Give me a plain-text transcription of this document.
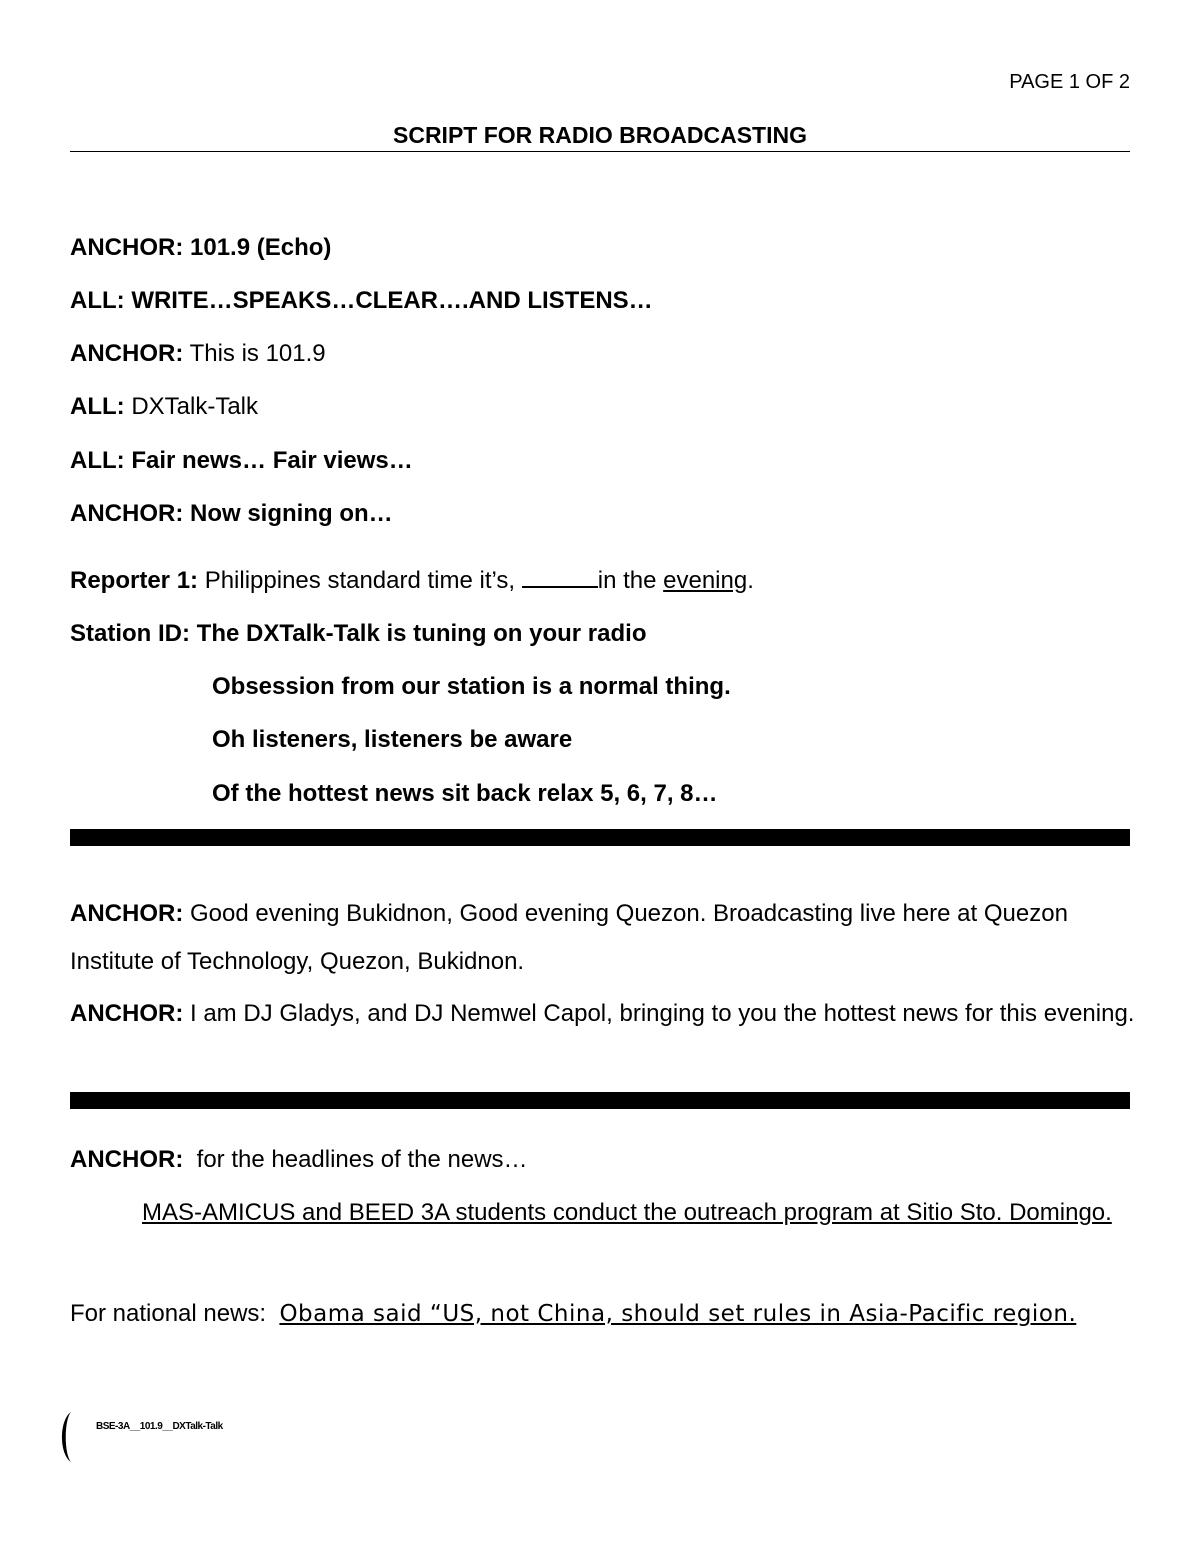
PAGE 1 OF 2
SCRIPT FOR RADIO BROADCASTING
ANCHOR: 101.9 (Echo)
ALL: WRITE…SPEAKS…CLEAR….AND LISTENS…
ANCHOR: This is 101.9
ALL: DXTalk-Talk
ALL: Fair news… Fair views…
ANCHOR: Now signing on…
Reporter 1: Philippines standard time it’s,	in the evening.
Station ID: The DXTalk-Talk is tuning on your radio
Obsession from our station is a normal thing.
Oh listeners, listeners be aware
Of the hottest news sit back relax 5, 6, 7, 8…
ANCHOR: Good evening Bukidnon, Good evening Quezon. Broadcasting live here at Quezon Institute of Technology, Quezon, Bukidnon.
ANCHOR: I am DJ Gladys, and DJ Nemwel Capol, bringing to you the hottest news for this evening.
ANCHOR:  for the headlines of the news…
MAS-AMICUS and BEED 3A students conduct the outreach program at Sitio Sto. Domingo.
For national news:  Obama said “US, not China, should set rules in Asia-Pacific region.
BSE-3A__101.9__DXTalk-Talk
